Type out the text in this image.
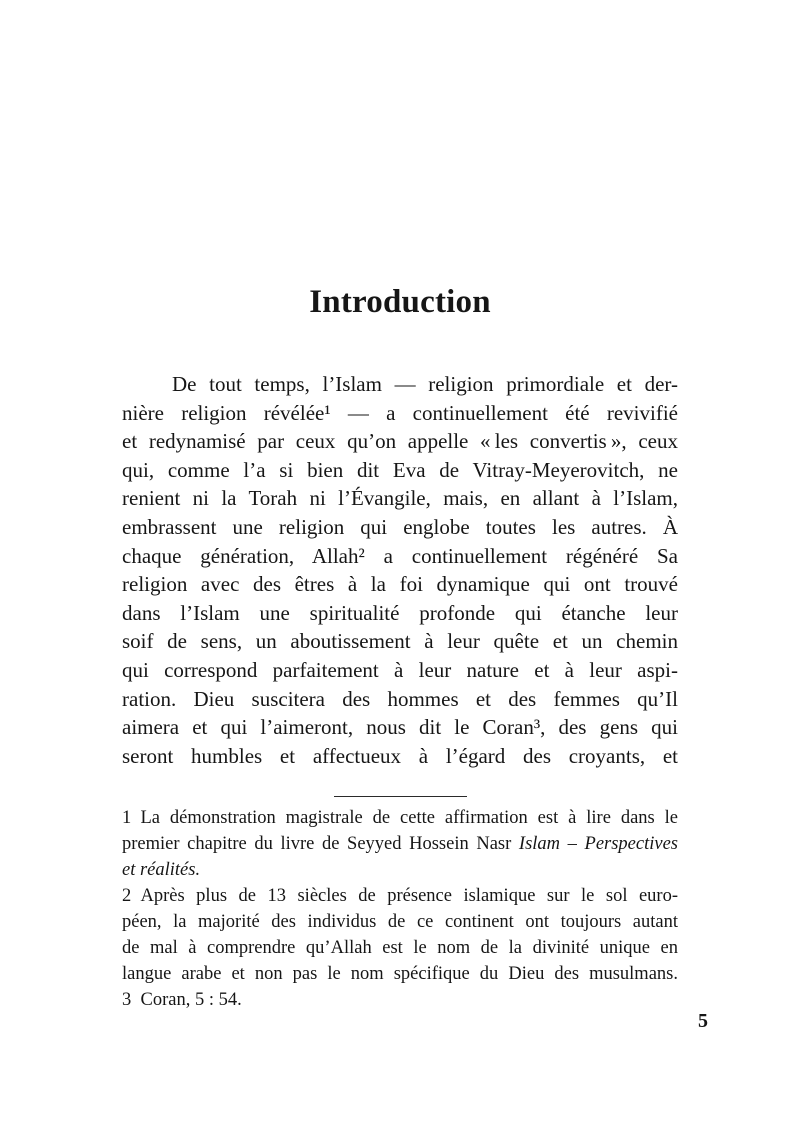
Introduction
De tout temps, l’Islam — religion primordiale et der-
nière religion révélée¹ — a continuellement été revivifié
et redynamisé par ceux qu’on appelle « les convertis », ceux
qui, comme l’a si bien dit Eva de Vitray-Meyerovitch, ne
renient ni la Torah ni l’Évangile, mais, en allant à l’Islam,
embrassent une religion qui englobe toutes les autres. À
chaque génération, Allah² a continuellement régénéré Sa
religion avec des êtres à la foi dynamique qui ont trouvé
dans l’Islam une spiritualité profonde qui étanche leur
soif de sens, un aboutissement à leur quête et un chemin
qui correspond parfaitement à leur nature et à leur aspi-
ration. Dieu suscitera des hommes et des femmes qu’Il
aimera et qui l’aimeront, nous dit le Coran³, des gens qui
seront humbles et affectueux à l’égard des croyants, et
1 La démonstration magistrale de cette affirmation est à lire dans le
premier chapitre du livre de Seyyed Hossein Nasr Islam – Perspectives
et réalités.
2 Après plus de 13 siècles de présence islamique sur le sol euro-
péen, la majorité des individus de ce continent ont toujours autant
de mal à comprendre qu’Allah est le nom de la divinité unique en
langue arabe et non pas le nom spécifique du Dieu des musulmans.
3 Coran, 5 : 54.
5
